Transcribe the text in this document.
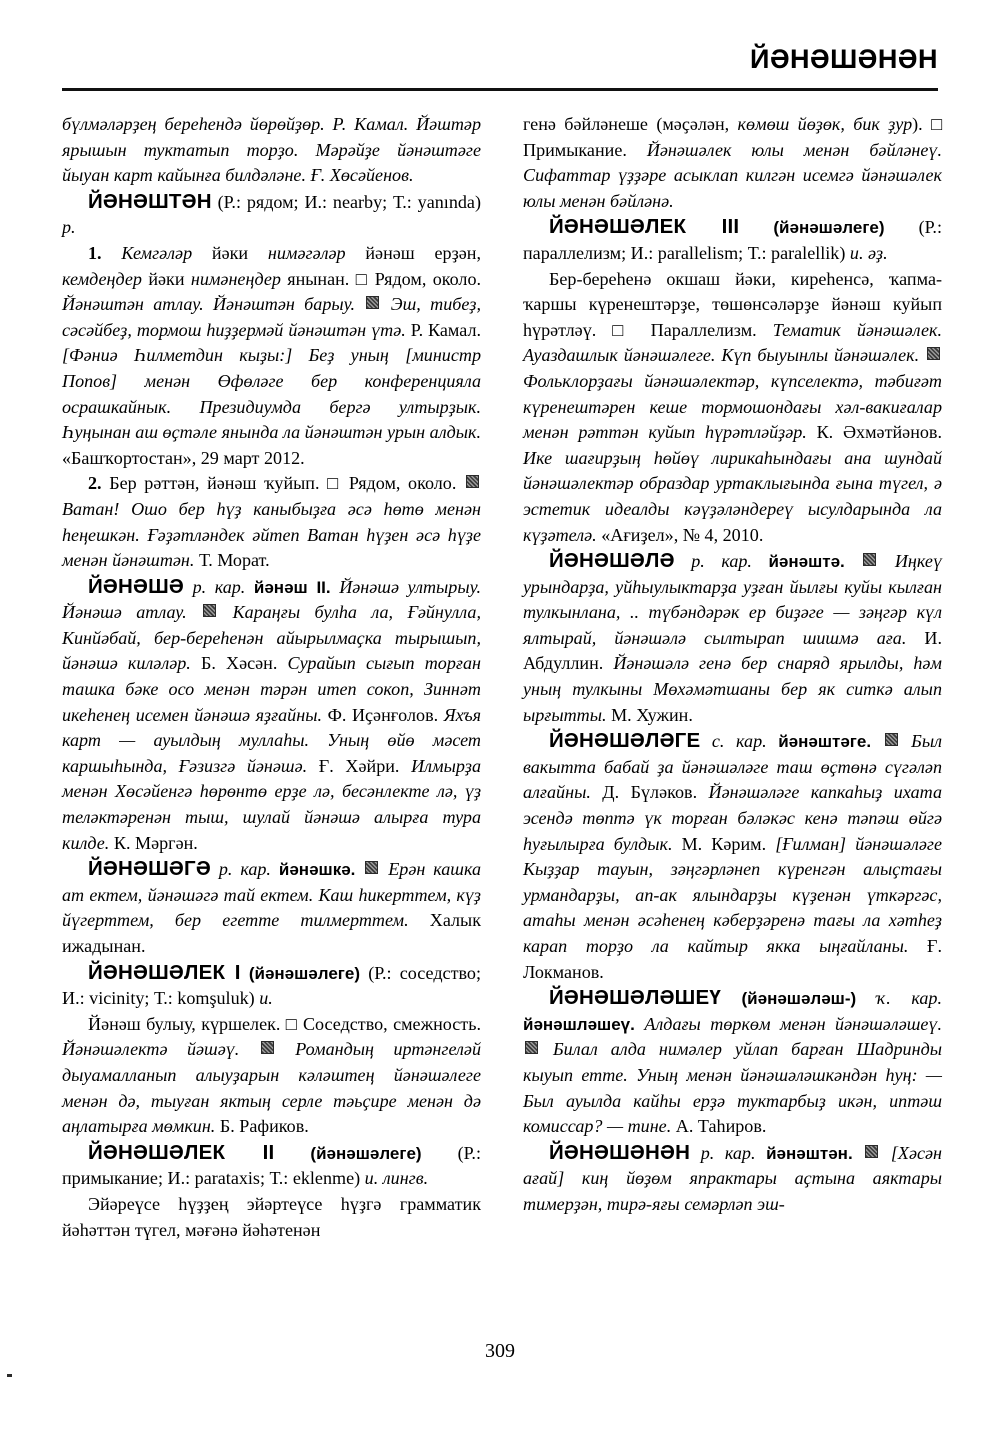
ЙӘНӘШӘНӘН

бүлмәләрҙең береһендә йөрөйҙөр. Р. Камал. Йәштәр ярышын туктатып торҙо. Мәрәйҙе йәнәштәге йыуан карт кайынға билдәләне. Ғ. Хөсәйенов.

ЙӘНӘШТӘН (Р.: рядом; И.: nearby; Т.: yanında) р.

1. Кемгәләр йәки нимәгәләр йәнәш ерҙән, кемдеңдер йәки нимәнеңдер янынан. □ Рядом, около. Йәнәштән атлау. Йәнәштән барыу. Эш, тибеҙ, сәсәйбеҙ, тормош һиҙҙермәй йәнәштән үтә. Р. Камал. [Фәниә Һилметдин кыҙы:] Беҙ уның [министр Попов] менән Өфөләге бер конференцияла осрашкайнык. Президиумда бергә ултырҙык. Һуңынан аш өҫтәле янында ла йәнәштән урын алдык. «Башҡортостан», 29 март 2012.

2. Бер рәттән, йәнәш ҡуйып. □ Рядом, около.  Ватан! Ошо бер һүҙ каныбыҙға әсә һөтө менән һеңешкән. Ғәҙәтләндек әйтеп Ватан һүҙен әсә һүҙе менән йәнәштән. Т. Морат.

ЙӘНӘШӘ р. кар. йәнәш II. Йәнәшә ултырыу. Йәнәшә атлау.	Караңғы булһа ла, Ғәйнулла, Кинйәбай, бер-береһенән айырылмаҫка тырышып, йәнәшә киләләр. Б. Хәсән. Сурайып сығып торған ташка бәке осо менән тәрән итеп сокоп, Зиннәт икеһенең исемен йәнәшә яҙғайны. Ф. Иҫәнғолов. Яхъя карт — ауылдың муллаһы. Уның өйө мәсет каршыһында, Ғәзизгә йәнәшә. Ғ. Хәйри. Илмырҙа менән Хөсәйенгә һөрөнтө ерҙе лә, бесәнлекте лә, үҙ теләктәренән тыш, шулай йәнәшә алырға тура килде. К. Мәргән.

ЙӘНӘШӘГӘ р. кар. йәнәшкә. Ерән кашка ат ектем, йәнәшәгә тай ектем. Каш һикерттем, күҙ йүгерттем, бер егетте тилмерттем. Халык ижадынан.

ЙӘНӘШӘЛЕК I (йәнәшәлеге) (Р.: соседство; И.: vicinity; Т.: komşuluk) и.

Йәнәш булыу, күршелек. □ Соседство, смежность. Йәнәшәлектә йәшәү.	Романдың иртәнгеләй дыуамалланып алыуҙарын кәләштең йәнәшәлеге менән дә, тыуған яктың серле тәьҫире менән дә аңлатырға мөмкин. Б. Рафиков.

ЙӘНӘШӘЛЕК II (йәнәшәлеге) (Р.: примыкание; И.: parataxis; Т.: eklenme) и. лингв.

Эйәреүсе һүҙҙең эйәртеүсе һүҙгә грамматик йәһәттән түгел, мәғәнә йәһәтенән

генә бәйләнеше (мәҫәлән, көмөш йөҙөк, бик ҙур). □ Примыкание. Йәнәшәлек юлы менән бәйләнеү. Сифаттар үҙҙәре асыклап килгән исемгә йәнәшәлек юлы менән бәйләнә.

ЙӘНӘШӘЛЕК III (йәнәшәлеге) (Р.: параллелизм; И.: parallelism; Т.: paralellik) и. әҙ.

Бер-береһенә окшаш йәки, киреһенсә, ҡапма-ҡаршы күренештәрҙе, төшөнсәләрҙе йәнәш куйып һүрәтләү. □ Параллелизм. Тематик йәнәшәлек. Ауаздашлык йәнәшәлеге. Күп быуынлы йәнәшәлек.  Фольклорҙағы йәнәшәлектәр, күпселектә, тәбиғәт күренештәрен кеше тормошондағы хәл-вакиғалар менән рәттән куйып һүрәтләйҙәр. К. Әхмәтйәнов. Ике шағирҙың һөйөү лирикаһындағы ана шундай йәнәшәлектәр образдар уртаклығында ғына түгел, ә эстетик идеалды кәүҙәләндереү ысулдарында ла күҙәтелә. «Ағиҙел», № 4, 2010.

ЙӘНӘШӘЛӘ р. кар. йәнәштә.	Иңкеү урындарҙа, уйһыулыктарҙа уҙған йылғы куйы кылған тулкынлана, .. түбәндәрәк ер биҙәге — зәңгәр күл ялтырай, йәнәшәлә сылтырап шишмә аға. И. Абдуллин. Йәнәшәлә генә бер снаряд ярылды, һәм уның тулкыны Мөхәмәтшаны бер як ситкә алып ырғытты. М. Хужин.

ЙӘНӘШӘЛӘГЕ с. кар. йәнәштәге. Был вакытта бабай ҙа йәнәшәләге таш өҫтөнә сүгәләп алғайны. Д. Бүләков. Йәнәшәләге капкаһыҙ ихата эсендә төптә үк торған бәләкәс кенә тәпәш өйгә һуғылырға булдык. М. Кәрим. [Ғилман] йәнәшәләге Кыҙҙар тауын, зәңгәрләнеп күренгән алыҫтағы урмандарҙы, ап-ак ялындарҙы күҙенән үткәргәс, атаһы менән әсәһенең кәберҙәренә тағы ла хәтһеҙ карап торҙо ла кайтыр якка ыңғайланы. Ғ. Локманов.

ЙӘНӘШӘЛӘШЕҮ (йәнәшәләш-) ҡ. кар. йәнәшләшеү. Алдағы төркөм менән йәнәшәләшеү.  Билал алда нимәлер уйлап барған Шадринды кыуып етте. Уның менән йәнәшәләшкәндән һуң: — Был ауылда кайһы ерҙә туктарбыҙ икән, иптәш комиссар? — тине. А. Таһиров.

ЙӘНӘШӘНӘН р. кар. йәнәштән. [Хәсән ағай] киң йөҙөм япрактары аҫтына аяктары тимерҙән, тирә-яғы семәрләп эш-

309
